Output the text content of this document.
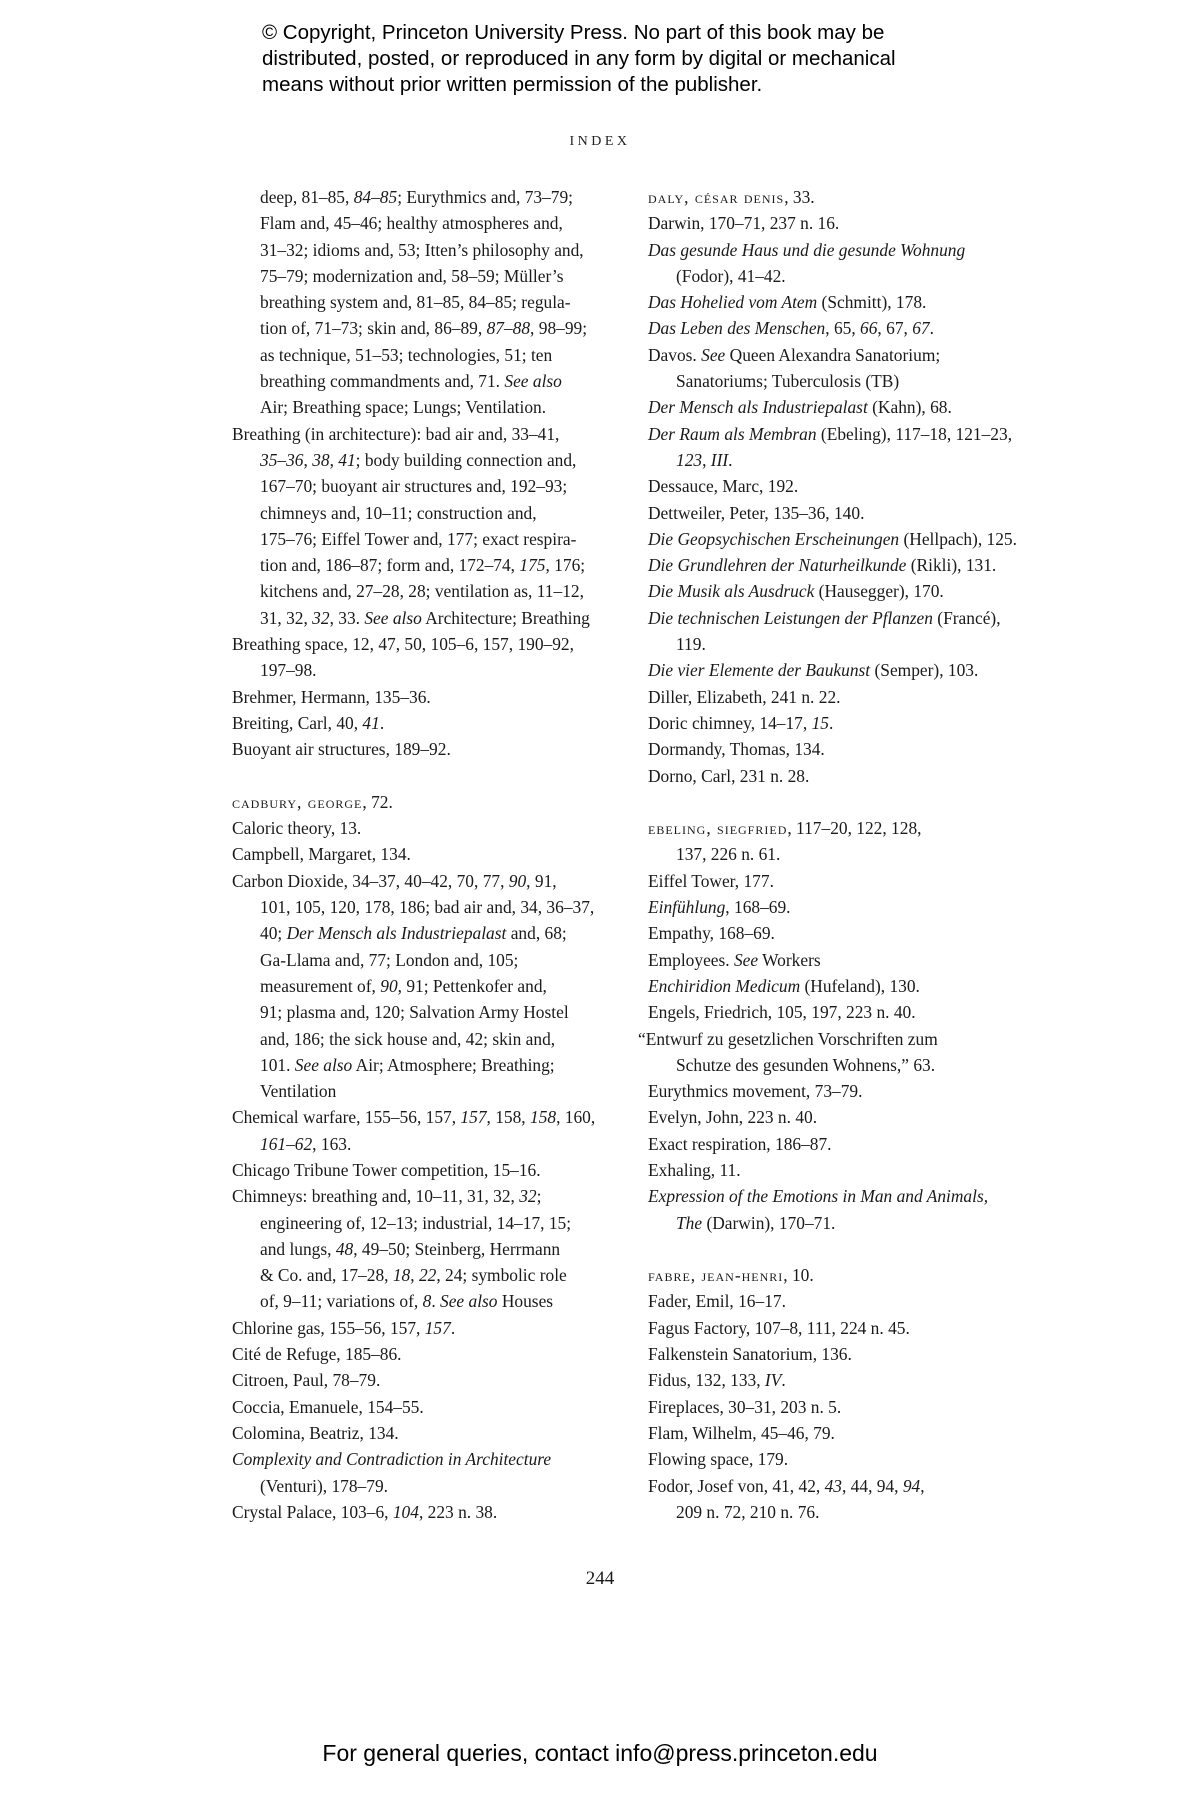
© Copyright, Princeton University Press. No part of this book may be
distributed, posted, or reproduced in any form by digital or mechanical
means without prior written permission of the publisher.
INDEX
deep, 81–85, 84–85; Eurythmics and, 73–79;
Flam and, 45–46; healthy atmospheres and,
31–32; idioms and, 53; Itten’s philosophy and,
75–79; modernization and, 58–59; Müller’s
breathing system and, 81–85, 84–85; regula-
tion of, 71–73; skin and, 86–89, 87–88, 98–99;
as technique, 51–53; technologies, 51; ten
breathing commandments and, 71. See also
Air; Breathing space; Lungs; Ventilation.
Breathing (in architecture): bad air and, 33–41,
35–36, 38, 41; body building connection and,
167–70; buoyant air structures and, 192–93;
chimneys and, 10–11; construction and,
175–76; Eiffel Tower and, 177; exact respira-
tion and, 186–87; form and, 172–74, 175, 176;
kitchens and, 27–28, 28; ventilation as, 11–12,
31, 32, 32, 33. See also Architecture; Breathing
Breathing space, 12, 47, 50, 105–6, 157, 190–92,
197–98.
Brehmer, Hermann, 135–36.
Breiting, Carl, 40, 41.
Buoyant air structures, 189–92.
cadbury, george, 72.
Caloric theory, 13.
Campbell, Margaret, 134.
Carbon Dioxide, 34–37, 40–42, 70, 77, 90, 91,
101, 105, 120, 178, 186; bad air and, 34, 36–37,
40; Der Mensch als Industriepalast and, 68;
Ga-Llama and, 77; London and, 105;
measurement of, 90, 91; Pettenkofer and,
91; plasma and, 120; Salvation Army Hostel
and, 186; the sick house and, 42; skin and,
101. See also Air; Atmosphere; Breathing;
Ventilation
Chemical warfare, 155–56, 157, 157, 158, 158, 160,
161–62, 163.
Chicago Tribune Tower competition, 15–16.
Chimneys: breathing and, 10–11, 31, 32, 32;
engineering of, 12–13; industrial, 14–17, 15;
and lungs, 48, 49–50; Steinberg, Herrmann
& Co. and, 17–28, 18, 22, 24; symbolic role
of, 9–11; variations of, 8. See also Houses
Chlorine gas, 155–56, 157, 157.
Cité de Refuge, 185–86.
Citroen, Paul, 78–79.
Coccia, Emanuele, 154–55.
Colomina, Beatriz, 134.
Complexity and Contradiction in Architecture
(Venturi), 178–79.
Crystal Palace, 103–6, 104, 223 n. 38.
daly, césar denis, 33.
Darwin, 170–71, 237 n. 16.
Das gesunde Haus und die gesunde Wohnung
(Fodor), 41–42.
Das Hohelied vom Atem (Schmitt), 178.
Das Leben des Menschen, 65, 66, 67, 67.
Davos. See Queen Alexandra Sanatorium;
Sanatoriums; Tuberculosis (TB)
Der Mensch als Industriepalast (Kahn), 68.
Der Raum als Membran (Ebeling), 117–18, 121–23,
123, III.
Dessauce, Marc, 192.
Dettweiler, Peter, 135–36, 140.
Die Geopsychischen Erscheinungen (Hellpach), 125.
Die Grundlehren der Naturheilkunde (Rikli), 131.
Die Musik als Ausdruck (Hausegger), 170.
Die technischen Leistungen der Pflanzen (Francé),
119.
Die vier Elemente der Baukunst (Semper), 103.
Diller, Elizabeth, 241 n. 22.
Doric chimney, 14–17, 15.
Dormandy, Thomas, 134.
Dorno, Carl, 231 n. 28.
ebeling, siegfried, 117–20, 122, 128,
137, 226 n. 61.
Eiffel Tower, 177.
Einfühlung, 168–69.
Empathy, 168–69.
Employees. See Workers
Enchiridion Medicum (Hufeland), 130.
Engels, Friedrich, 105, 197, 223 n. 40.
“Entwurf zu gesetzlichen Vorschriften zum
Schutze des gesunden Wohnens,” 63.
Eurythmics movement, 73–79.
Evelyn, John, 223 n. 40.
Exact respiration, 186–87.
Exhaling, 11.
Expression of the Emotions in Man and Animals,
The (Darwin), 170–71.
fabre, jean-henri, 10.
Fader, Emil, 16–17.
Fagus Factory, 107–8, 111, 224 n. 45.
Falkenstein Sanatorium, 136.
Fidus, 132, 133, IV.
Fireplaces, 30–31, 203 n. 5.
Flam, Wilhelm, 45–46, 79.
Flowing space, 179.
Fodor, Josef von, 41, 42, 43, 44, 94, 94,
209 n. 72, 210 n. 76.
244
For general queries, contact info@press.princeton.edu
